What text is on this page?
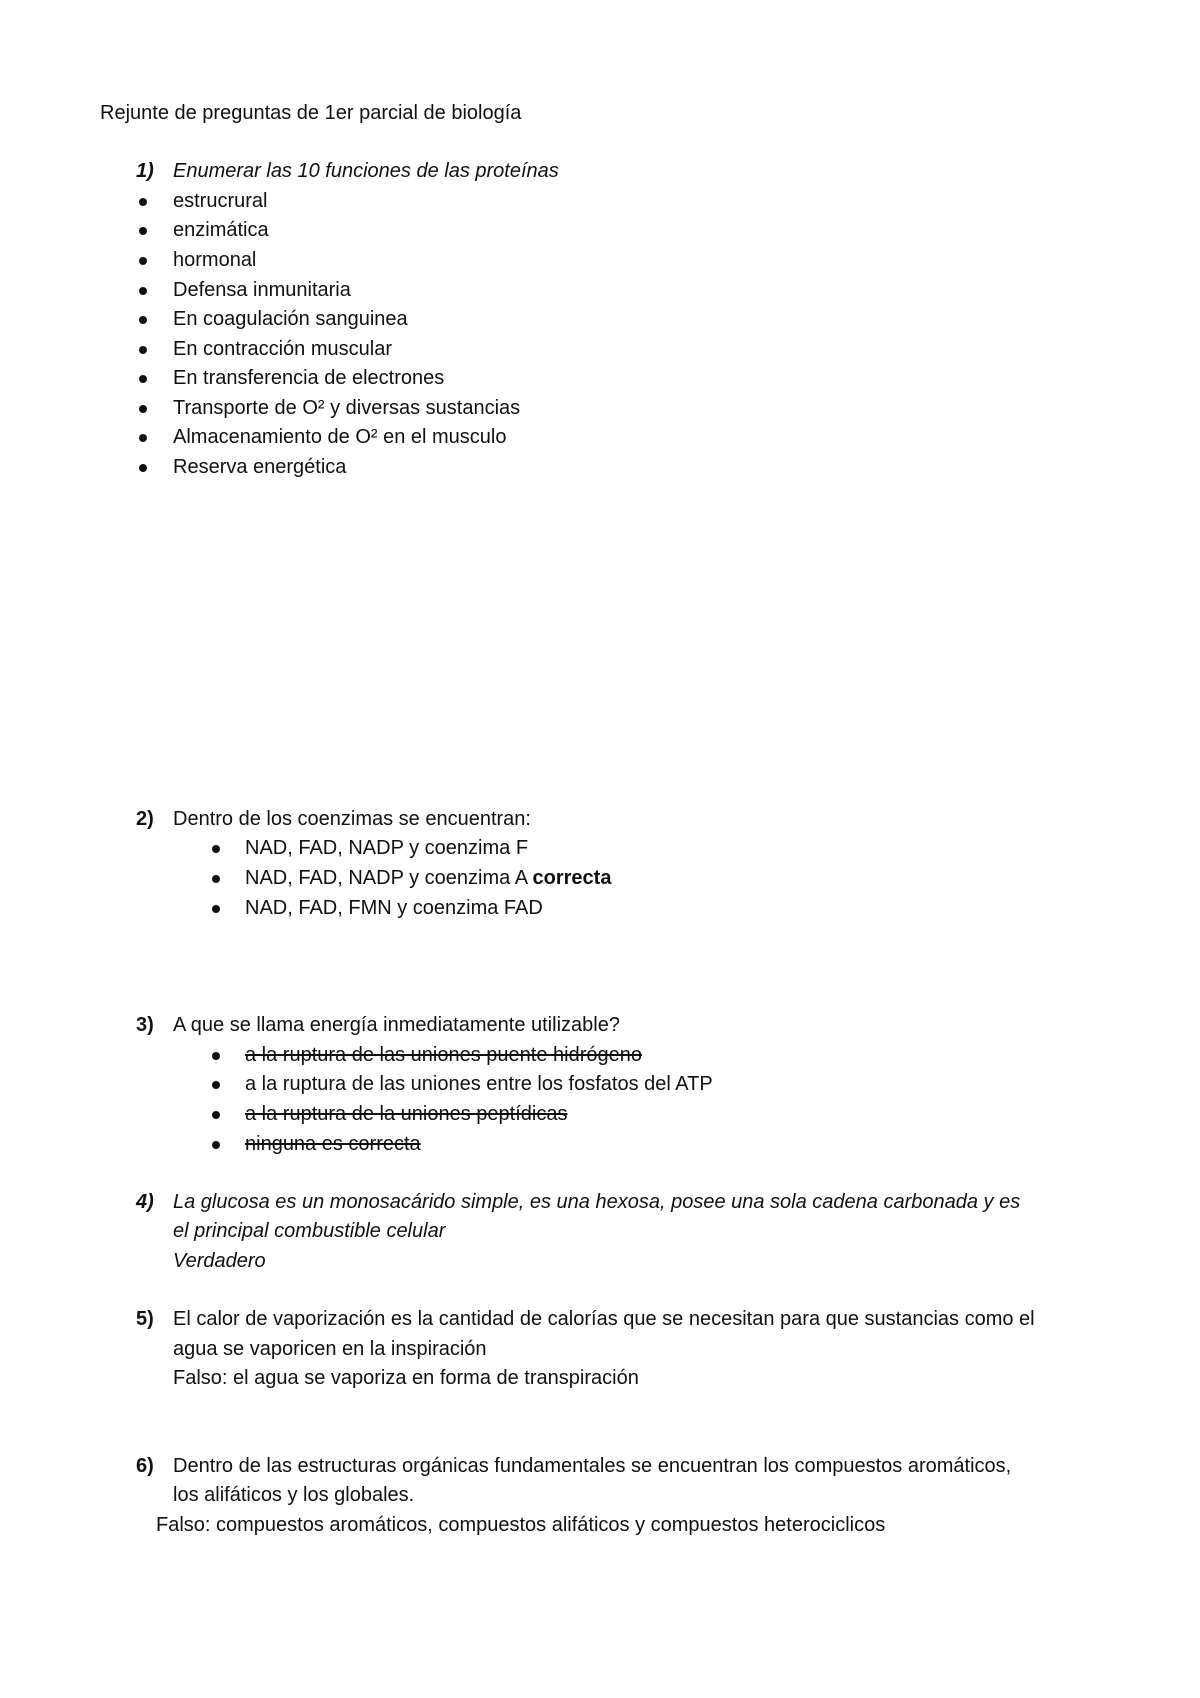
Rejunte de preguntas de 1er parcial de biología
1) Enumerar las 10 funciones de las proteínas
estrucrural
enzimática
hormonal
Defensa inmunitaria
En coagulación sanguinea
En contracción muscular
En transferencia de electrones
Transporte de O² y diversas sustancias
Almacenamiento de O² en el musculo
Reserva energética
2) Dentro de los coenzimas se encuentran:
NAD, FAD, NADP y coenzima F
NAD, FAD, NADP y coenzima A correcta
NAD, FAD, FMN y coenzima FAD
3) A que se llama energía inmediatamente utilizable?
a la ruptura de las uniones puente hidrógeno
a la ruptura de las uniones entre los fosfatos del ATP
a la ruptura de la uniones peptídicas
ninguna es correcta
4) La glucosa es un monosacárido simple, es una hexosa, posee una sola cadena carbonada y es
el principal combustible celular
Verdadero
5) El calor de vaporización es la cantidad de calorías que se necesitan para que sustancias como el
agua se vaporicen en la inspiración
Falso: el agua se vaporiza en forma de transpiración
6) Dentro de las estructuras orgánicas fundamentales se encuentran los compuestos aromáticos,
los alifáticos y los globales.
Falso: compuestos aromáticos, compuestos alifáticos y compuestos heterociclicos
